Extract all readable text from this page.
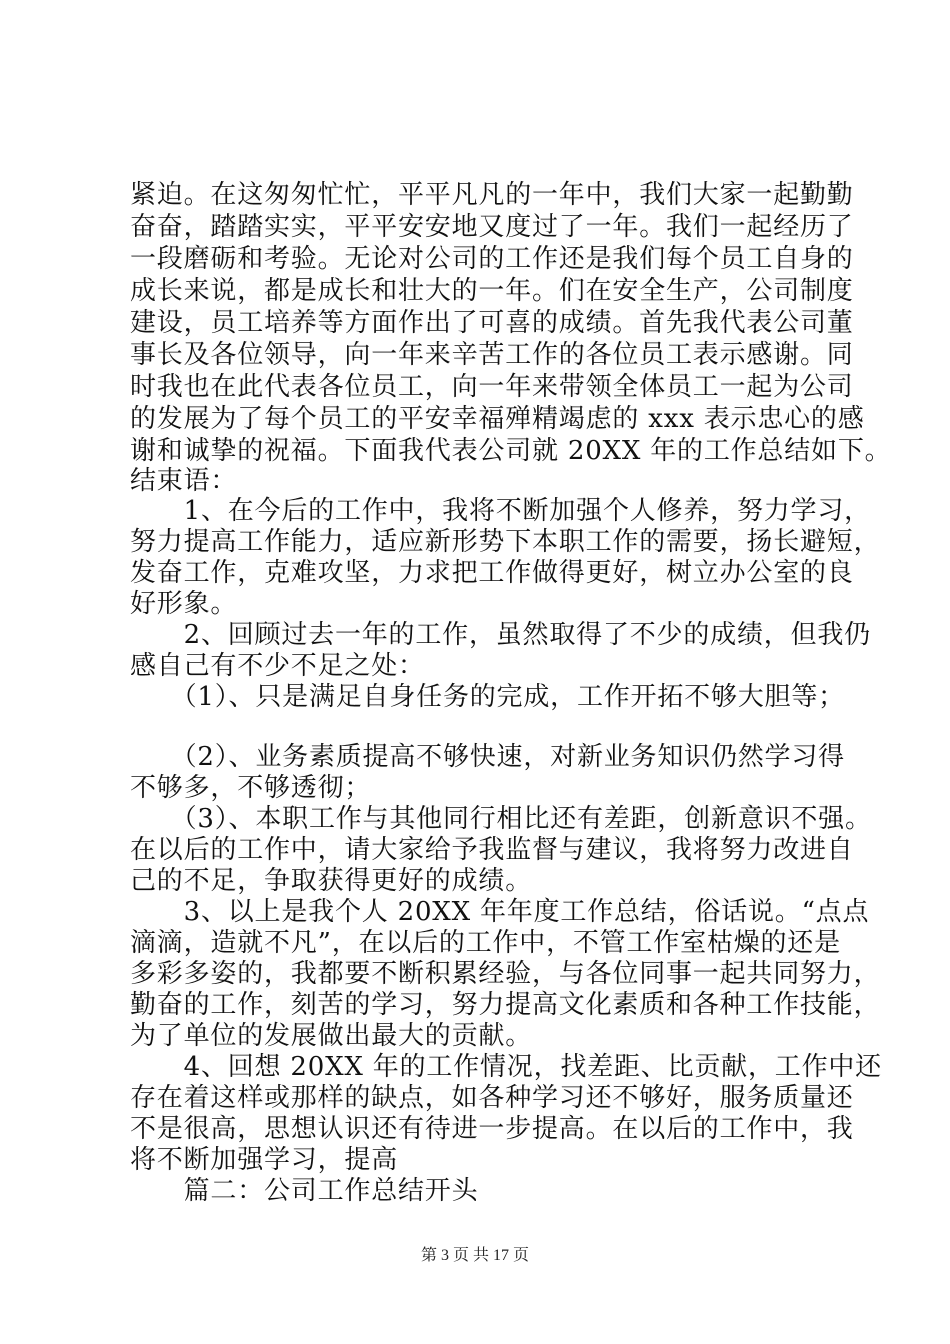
紧迫。在这匆匆忙忙，平平凡凡的一年中，我们大家一起勤勤
奋奋，踏踏实实，平平安安地又度过了一年。我们一起经历了
一段磨砺和考验。无论对公司的工作还是我们每个员工自身的
成长来说，都是成长和壮大的一年。们在安全生产，公司制度
建设，员工培养等方面作出了可喜的成绩。首先我代表公司董
事长及各位领导，向一年来辛苦工作的各位员工表示感谢。同
时我也在此代表各位员工，向一年来带领全体员工一起为公司
的发展为了每个员工的平安幸福殚精竭虑的 xxx 表示忠心的感
谢和诚挚的祝福。下面我代表公司就 20XX 年的工作总结如下。
结束语：
　　1、在今后的工作中，我将不断加强个人修养，努力学习，
努力提高工作能力，适应新形势下本职工作的需要，扬长避短，
发奋工作，克难攻坚，力求把工作做得更好，树立办公室的良
好形象。
　　2、回顾过去一年的工作，虽然取得了不少的成绩，但我仍
感自己有不少不足之处：
　　（1）、只是满足自身任务的完成，工作开拓不够大胆等；
　　（2）、业务素质提高不够快速，对新业务知识仍然学习得
不够多，不够透彻；
　　（3）、本职工作与其他同行相比还有差距，创新意识不强。
在以后的工作中，请大家给予我监督与建议，我将努力改进自
己的不足，争取获得更好的成绩。
　　3、以上是我个人 20XX 年年度工作总结，俗话说。“点点
滴滴，造就不凡”，在以后的工作中，不管工作室枯燥的还是
多彩多姿的，我都要不断积累经验，与各位同事一起共同努力，
勤奋的工作，刻苦的学习，努力提高文化素质和各种工作技能，
为了单位的发展做出最大的贡献。
　　4、回想 20XX 年的工作情况，找差距、比贡献，工作中还
存在着这样或那样的缺点，如各种学习还不够好，服务质量还
不是很高，思想认识还有待进一步提高。在以后的工作中，我
将不断加强学习，提高
　　篇二：公司工作总结开头
第 3 页 共 17 页
